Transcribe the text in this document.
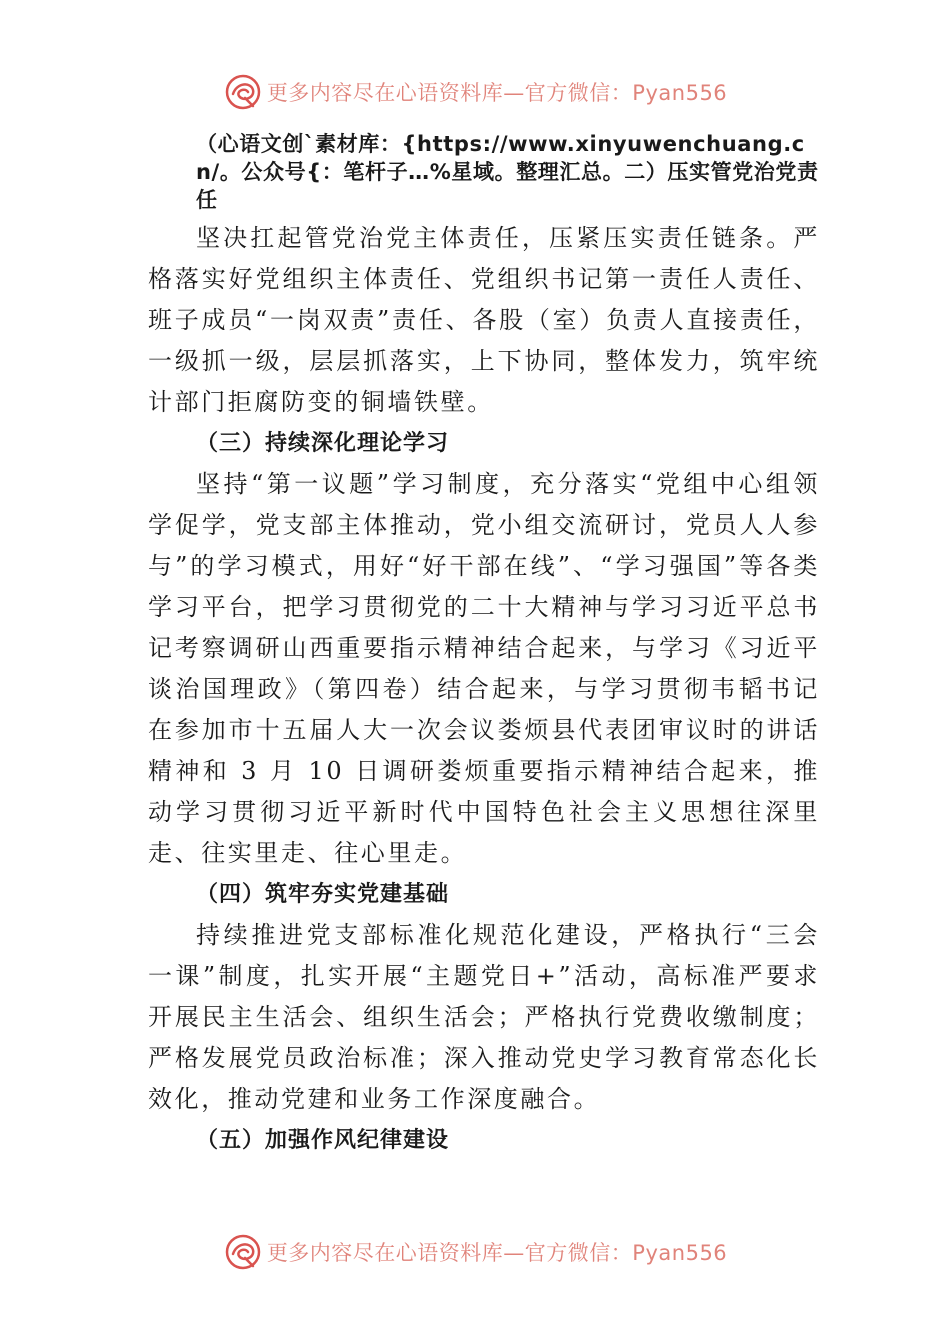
更多内容尽在心语资料库—官方微信：Pyan556

（心语文创`素材库：{https://www.xinyuwenchuang.cn/。公众号{：笔杆子…%星域。整理汇总。二）压实管党治党责任

坚决扛起管党治党主体责任，压紧压实责任链条。严格落实好党组织主体责任、党组织书记第一责任人责任、班子成员“一岗双责”责任、各股（室）负责人直接责任，一级抓一级，层层抓落实，上下协同，整体发力，筑牢统计部门拒腐防变的铜墙铁壁。

（三）持续深化理论学习

坚持“第一议题”学习制度，充分落实“党组中心组领学促学，党支部主体推动，党小组交流研讨，党员人人参与”的学习模式，用好“好干部在线”、“学习强国”等各类学习平台，把学习贯彻党的二十大精神与学习习近平总书记考察调研山西重要指示精神结合起来，与学习《习近平谈治国理政》（第四卷）结合起来，与学习贯彻韦韬书记在参加市十五届人大一次会议娄烦县代表团审议时的讲话精神和 3 月 10 日调研娄烦重要指示精神结合起来，推动学习贯彻习近平新时代中国特色社会主义思想往深里走、往实里走、往心里走。

（四）筑牢夯实党建基础

持续推进党支部标准化规范化建设，严格执行“三会一课”制度，扎实开展“主题党日+”活动，高标准严要求开展民主生活会、组织生活会；严格执行党费收缴制度；严格发展党员政治标准；深入推动党史学习教育常态化长效化，推动党建和业务工作深度融合。

（五）加强作风纪律建设

更多内容尽在心语资料库—官方微信：Pyan556
